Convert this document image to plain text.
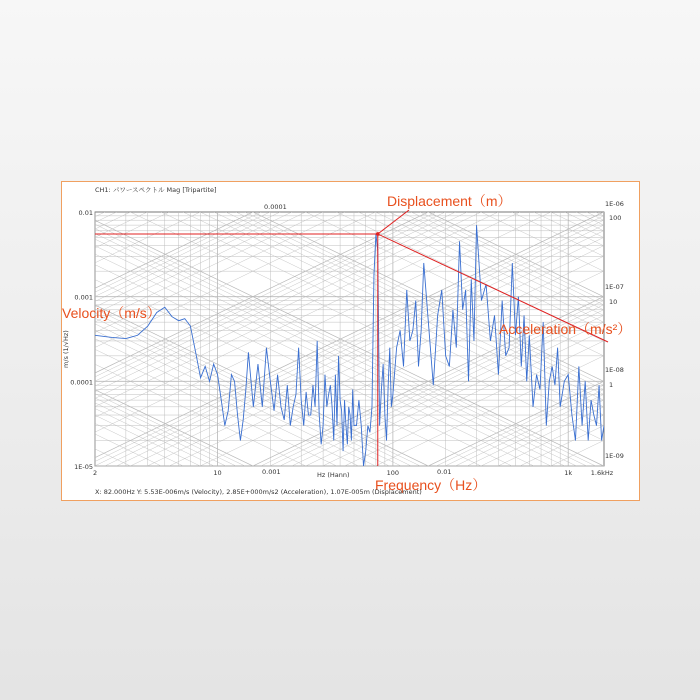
CH1: パワースペクトル Mag [Tripartite]
2	10	100	1k	1.6kHz
0.01
0.001
0.0001
1E-05
0.0001
0.001	0.01
1E-06
100
1E-07
10
1E-08
1
1E-09
m/s (1/√Hz)
Hz (Hann)
Displacement（m）
Velocity（m/s）
Acceleration（m/s²）
Frequency（Hz）
X: 82.000Hz Y: 5.53E-006m/s (Velocity), 2.85E+000m/s2 (Acceleration), 1.07E-005m (Displacement)
